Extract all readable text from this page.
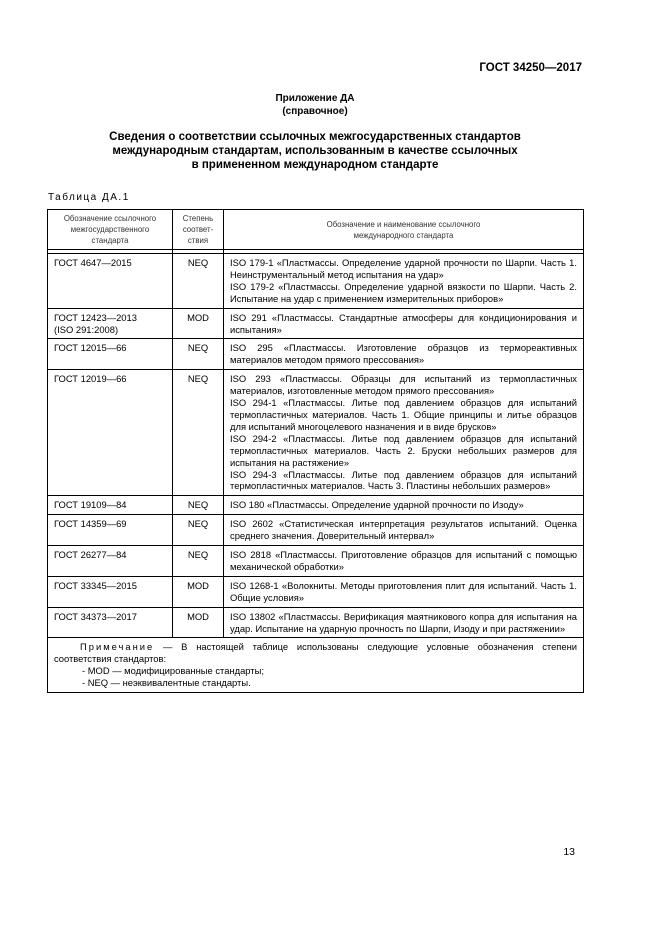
ГОСТ 34250—2017
Приложение ДА
(справочное)
Сведения о соответствии ссылочных межгосударственных стандартов
международным стандартам, использованным в качестве ссылочных
в примененном международном стандарте
Таблица ДА.1
Обозначение ссылочного
межгосударственного
стандарта	Степень
соответ-
ствия	Обозначение и наименование ссылочного
международного стандарта

ГОСТ 4647—2015	NEQ	ISO 179-1 «Пластмассы. Определение ударной прочности по Шарпи. Часть 1. Неинструментальный метод испытания на удар»
ISO 179-2 «Пластмассы. Определение ударной вязкости по Шарпи. Часть 2. Испытание на удар с применением измерительных приборов»
ГОСТ 12423—2013
(ISO 291:2008)	MOD	ISO 291 «Пластмассы. Стандартные атмосферы для кондиционирования и испытания»
ГОСТ 12015—66	NEQ	ISO 295 «Пластмассы. Изготовление образцов из термореактивных материалов методом прямого прессования»
ГОСТ 12019—66	NEQ	ISO 293 «Пластмассы. Образцы для испытаний из термопластичных материалов, изготовленные методом прямого прессования»
ISO 294-1 «Пластмассы. Литье под давлением образцов для испытаний термопластичных материалов. Часть 1. Общие принципы и литье образцов для испытаний многоцелевого назначения и в виде брусков»
ISO 294-2 «Пластмассы. Литье под давлением образцов для испытаний термопластичных материалов. Часть 2. Бруски небольших размеров для испытания на растяжение»
ISO 294-3 «Пластмассы. Литье под давлением образцов для испытаний термопластичных материалов. Часть 3. Пластины небольших размеров»
ГОСТ 19109—84	NEQ	ISO 180 «Пластмассы. Определение ударной прочности по Изоду»
ГОСТ 14359—69	NEQ	ISO 2602 «Статистическая интерпретация результатов испытаний. Оценка среднего значения. Доверительный интервал»
ГОСТ 26277—84	NEQ	ISO 2818 «Пластмассы. Приготовление образцов для испытаний с помощью механической обработки»
ГОСТ 33345—2015	MOD	ISO 1268-1 «Волокниты. Методы приготовления плит для испытаний. Часть 1. Общие условия»
ГОСТ 34373—2017	MOD	ISO 13802 «Пластмассы. Верификация маятникового копра для испытания на удар. Испытание на ударную прочность по Шарпи, Изоду и при растяжении»

Примечание — В настоящей таблице использованы следующие условные обозначения степени соответствия стандартов:
- MOD — модифицированные стандарты;
- NEQ — неэквивалентные стандарты.		
13
